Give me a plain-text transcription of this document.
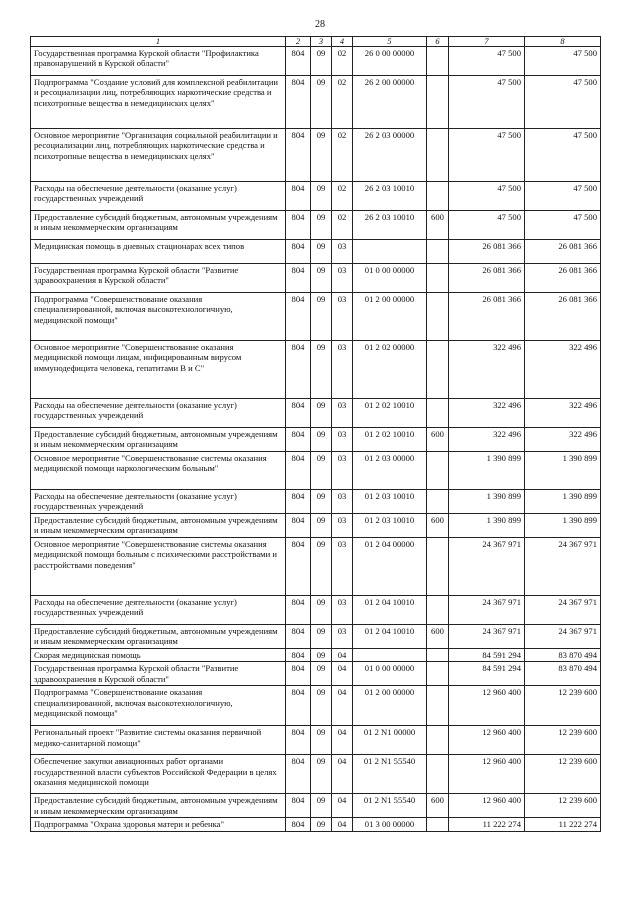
28
1	2	3	4	5	6	7	8
Государственная программа Курской области "Профилактика правонарушений в Курской области"	804	09	02	26 0 00 00000		47 500	47 500
Подпрограмма "Создание условий для комплексной реабилитации и ресоциализации лиц, потребляющих наркотические средства и психотропные вещества в немедицинских целях"	804	09	02	26 2 00 00000		47 500	47 500
Основное мероприятие "Организация социальной реабилитации и ресоциализации лиц, потребляющих наркотические средства и психотропные вещества в немедицинских целях"	804	09	02	26 2 03 00000		47 500	47 500
Расходы на обеспечение деятельности (оказание услуг) государственных учреждений	804	09	02	26 2 03 10010		47 500	47 500
Предоставление субсидий бюджетным, автономным учреждениям и иным некоммерческим организациям	804	09	02	26 2 03 10010	600	47 500	47 500
Медицинская помощь в дневных стационарах всех типов	804	09	03			26 081 366	26 081 366
Государственная программа Курской области "Развитие здравоохранения в Курской области"	804	09	03	01 0 00 00000		26 081 366	26 081 366
Подпрограмма "Совершенствование оказания специализированной, включая высокотехнологичную, медицинской помощи"	804	09	03	01 2 00 00000		26 081 366	26 081 366
Основное мероприятие "Совершенствование оказания медицинской помощи лицам, инфицированным вирусом иммунодефицита человека, гепатитами В и С"	804	09	03	01 2 02 00000		322 496	322 496
Расходы на обеспечение деятельности (оказание услуг) государственных учреждений	804	09	03	01 2 02 10010		322 496	322 496
Предоставление субсидий бюджетным, автономным учреждениям и иным некоммерческим организациям	804	09	03	01 2 02 10010	600	322 496	322 496
Основное мероприятие "Совершенствование системы оказания медицинской помощи наркологическим больным"	804	09	03	01 2 03 00000		1 390 899	1 390 899
Расходы на обеспечение деятельности (оказание услуг) государственных учреждений	804	09	03	01 2 03 10010		1 390 899	1 390 899
Предоставление субсидий бюджетным, автономным учреждениям и иным некоммерческим организациям	804	09	03	01 2 03 10010	600	1 390 899	1 390 899
Основное мероприятие "Совершенствование системы оказания медицинской помощи больным с психическими расстройствами и расстройствами поведения"	804	09	03	01 2 04 00000		24 367 971	24 367 971
Расходы на обеспечение деятельности (оказание услуг) государственных учреждений	804	09	03	01 2 04 10010		24 367 971	24 367 971
Предоставление субсидий бюджетным, автономным учреждениям и иным некоммерческим организациям	804	09	03	01 2 04 10010	600	24 367 971	24 367 971
Скорая медицинская помощь	804	09	04			84 591 294	83 870 494
Государственная программа Курской области "Развитие здравоохранения в Курской области"	804	09	04	01 0 00 00000		84 591 294	83 870 494
Подпрограмма "Совершенствование оказания специализированной, включая высокотехнологичную, медицинской помощи"	804	09	04	01 2 00 00000		12 960 400	12 239 600
Региональный проект "Развитие системы оказания первичной медико-санитарной помощи"	804	09	04	01 2 N1 00000		12 960 400	12 239 600
Обеспечение закупки авиационных работ органами государственной власти субъектов Российской Федерации в целях оказания медицинской помощи	804	09	04	01 2 N1 55540		12 960 400	12 239 600
Предоставление субсидий бюджетным, автономным учреждениям и иным некоммерческим организациям	804	09	04	01 2 N1 55540	600	12 960 400	12 239 600
Подпрограмма "Охрана здоровья матери и ребенка"	804	09	04	01 3 00 00000		11 222 274	11 222 274
